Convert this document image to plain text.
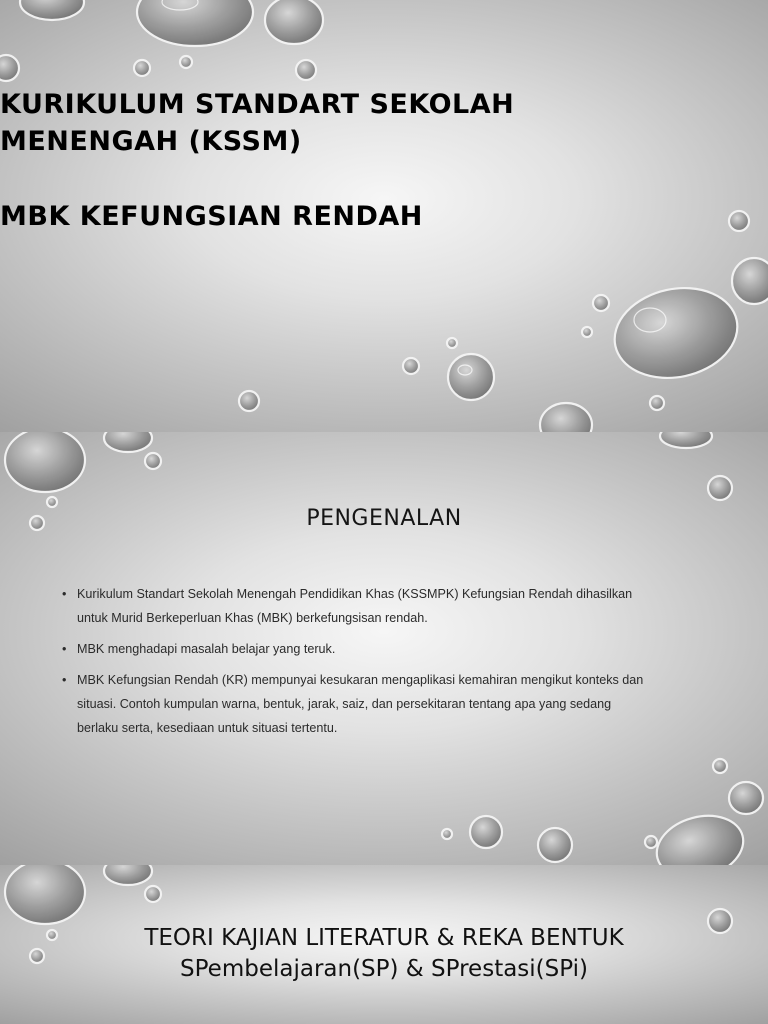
KURIKULUM STANDART SEKOLAH
MENENGAH (KSSM)
MBK KEFUNGSIAN RENDAH
PENGENALAN
• Kurikulum Standart Sekolah Menengah Pendidikan Khas (KSSMPK) Kefungsian Rendah dihasilkan
untuk Murid Berkeperluan Khas (MBK) berkefungsisan rendah.
• MBK menghadapi masalah belajar yang teruk.
• MBK Kefungsian Rendah (KR) mempunyai kesukaran mengaplikasi kemahiran mengikut konteks dan
situasi. Contoh kumpulan warna, bentuk, jarak, saiz, dan persekitaran tentang apa yang sedang
berlaku serta, kesediaan untuk situasi tertentu.
TEORI KAJIAN LITERATUR & REKA BENTUK
SPembelajaran(SP) & SPrestasi(SPi)
